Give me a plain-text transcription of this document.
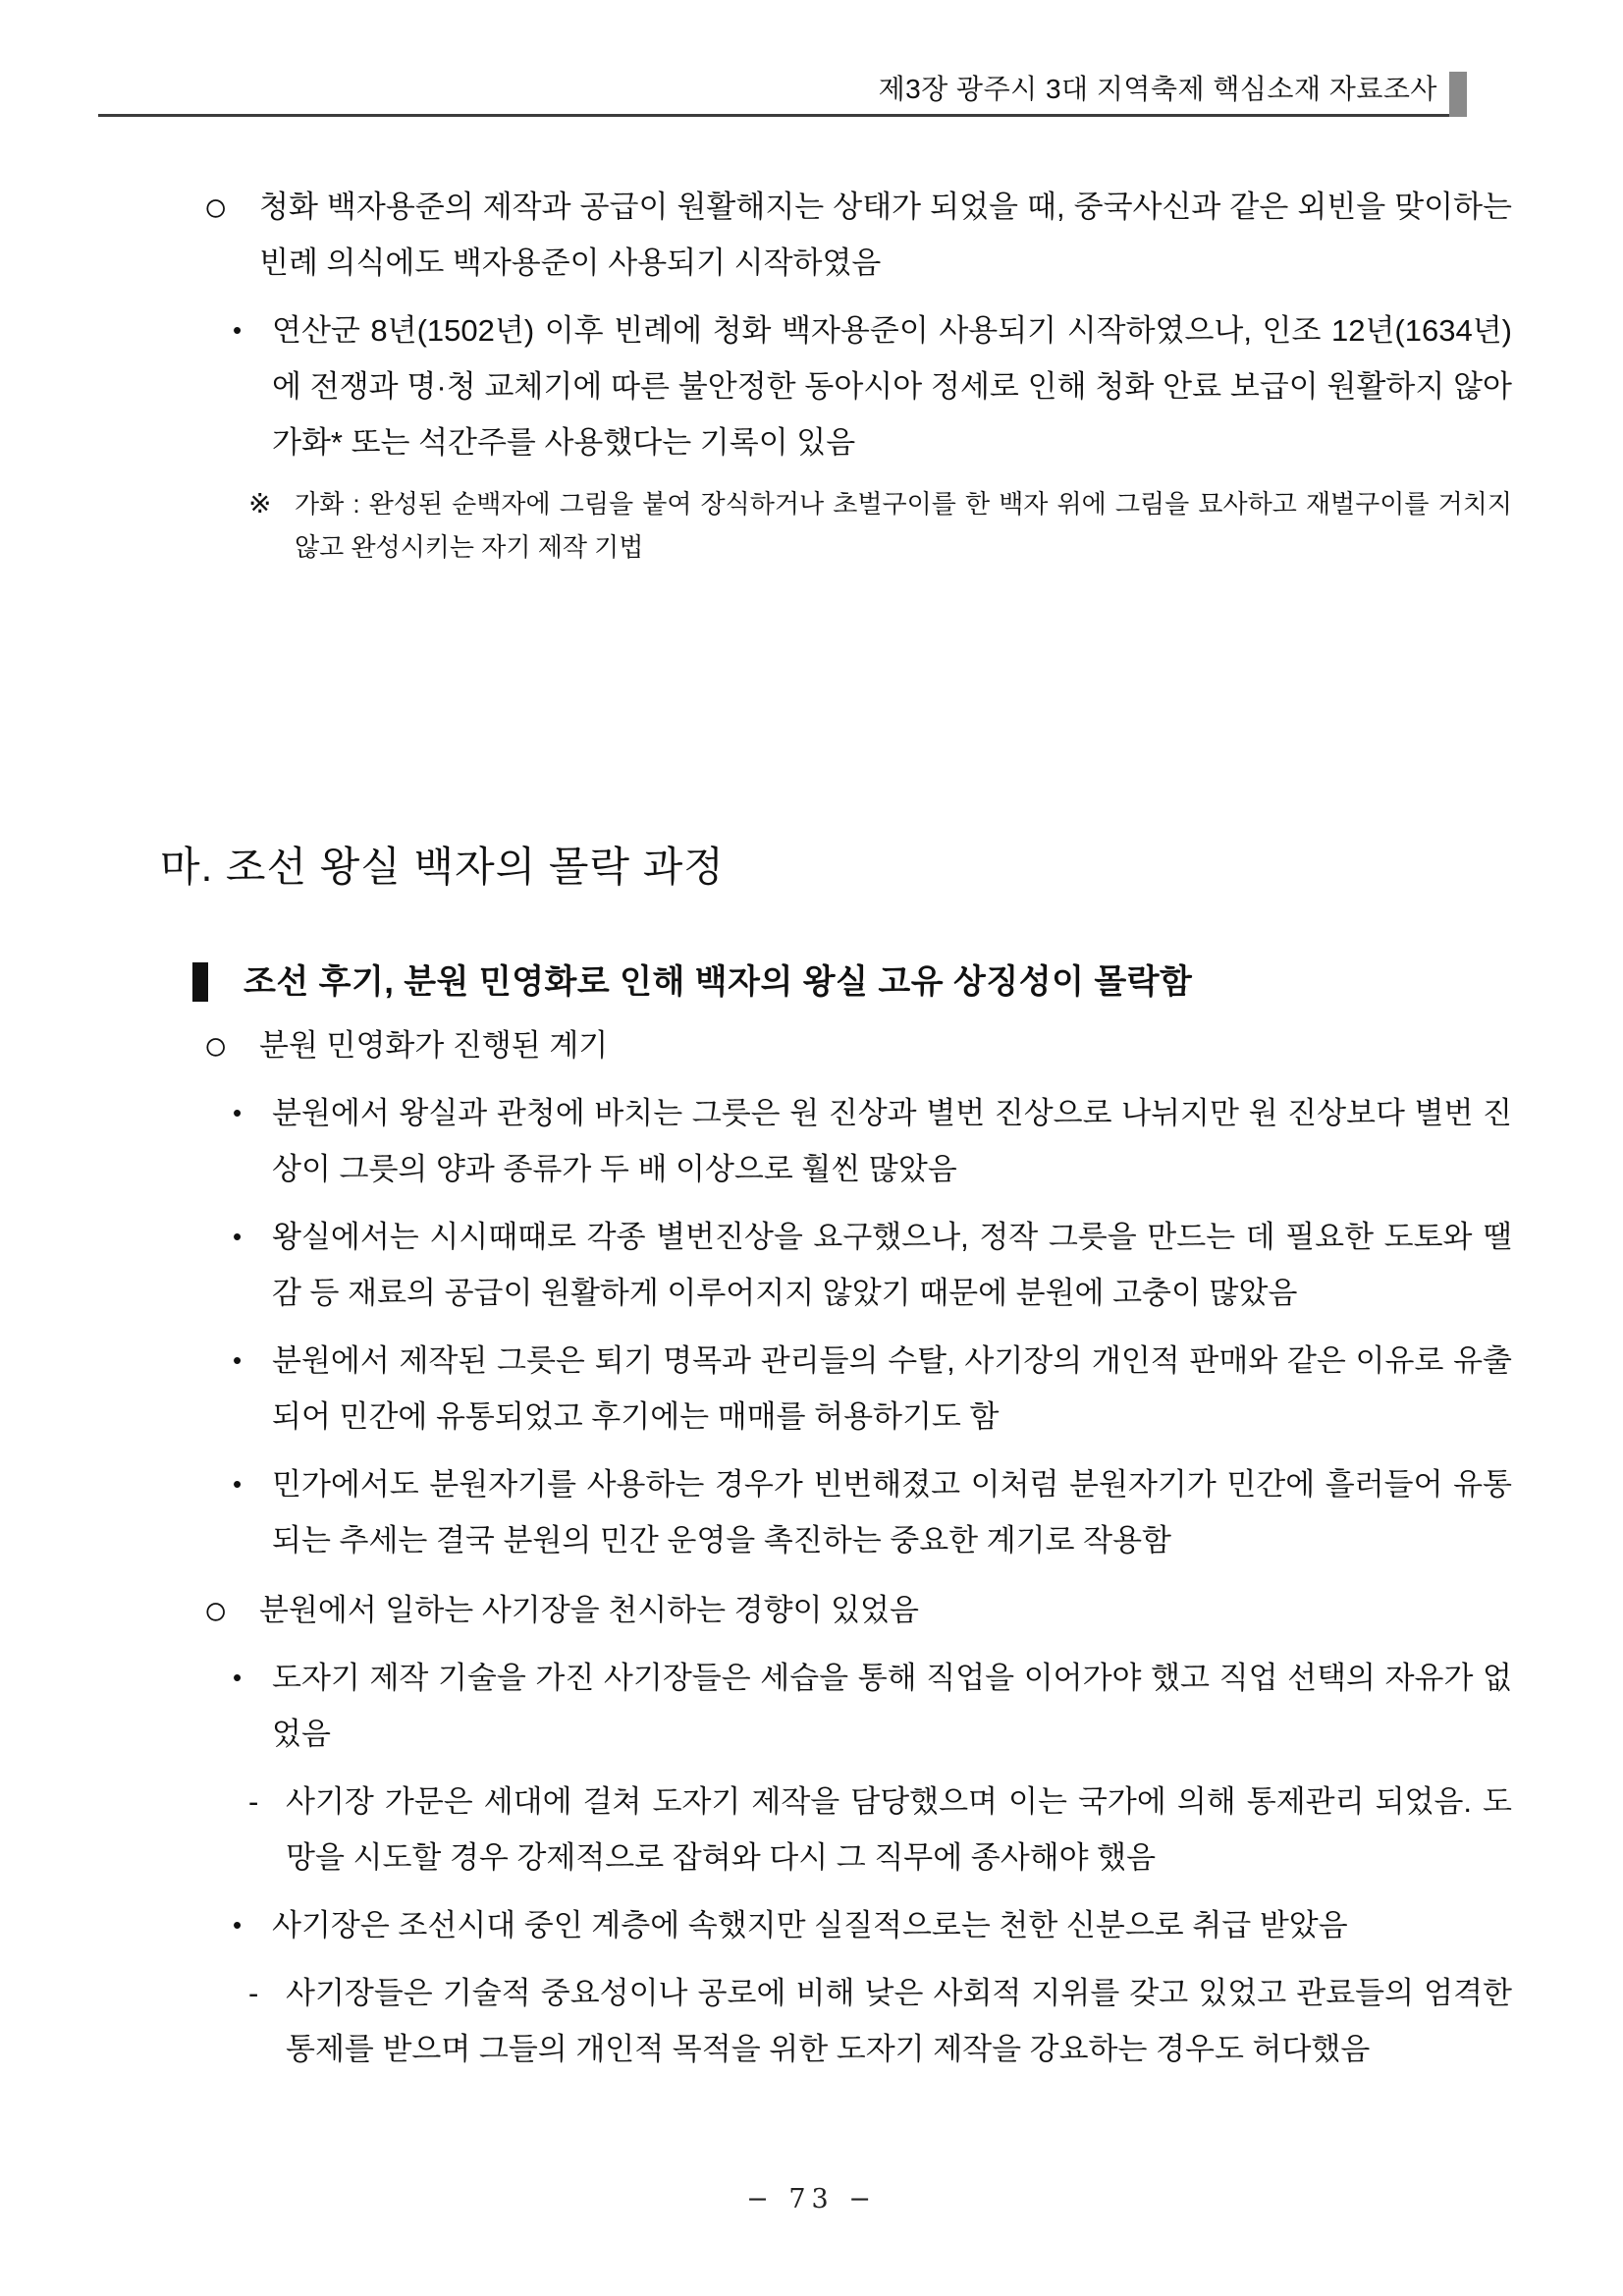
제3장 광주시 3대 지역축제 핵심소재 자료조사
○	청화 백자용준의 제작과 공급이 원활해지는 상태가 되었을 때, 중국사신과 같은 외빈을 맞이하는 빈례 의식에도 백자용준이 사용되기 시작하였음
• 연산군 8년(1502년) 이후 빈례에 청화 백자용준이 사용되기 시작하였으나, 인조 12년(1634년)에 전쟁과 명·청 교체기에 따른 불안정한 동아시아 정세로 인해 청화 안료 보급이 원활하지 않아 가화* 또는 석간주를 사용했다는 기록이 있음
※ 가화 : 완성된 순백자에 그림을 붙여 장식하거나 초벌구이를 한 백자 위에 그림을 묘사하고 재벌구이를 거치지 않고 완성시키는 자기 제작 기법
마. 조선 왕실 백자의 몰락 과정
조선 후기, 분원 민영화로 인해 백자의 왕실 고유 상징성이 몰락함
○	분원 민영화가 진행된 계기
• 분원에서 왕실과 관청에 바치는 그릇은 원 진상과 별번 진상으로 나뉘지만 원 진상보다 별번 진상이 그릇의 양과 종류가 두 배 이상으로 훨씬 많았음
• 왕실에서는 시시때때로 각종 별번진상을 요구했으나, 정작 그릇을 만드는 데 필요한 도토와 땔감 등 재료의 공급이 원활하게 이루어지지 않았기 때문에 분원에 고충이 많았음
• 분원에서 제작된 그릇은 퇴기 명목과 관리들의 수탈, 사기장의 개인적 판매와 같은 이유로 유출되어 민간에 유통되었고 후기에는 매매를 허용하기도 함
• 민가에서도 분원자기를 사용하는 경우가 빈번해졌고 이처럼 분원자기가 민간에 흘러들어 유통되는 추세는 결국 분원의 민간 운영을 촉진하는 중요한 계기로 작용함
○	분원에서 일하는 사기장을 천시하는 경향이 있었음
• 도자기 제작 기술을 가진 사기장들은 세습을 통해 직업을 이어가야 했고 직업 선택의 자유가 없었음
- 사기장 가문은 세대에 걸쳐 도자기 제작을 담당했으며 이는 국가에 의해 통제관리 되었음. 도망을 시도할 경우 강제적으로 잡혀와 다시 그 직무에 종사해야 했음
• 사기장은 조선시대 중인 계층에 속했지만 실질적으로는 천한 신분으로 취급 받았음
- 사기장들은 기술적 중요성이나 공로에 비해 낮은 사회적 지위를 갖고 있었고 관료들의 엄격한 통제를 받으며 그들의 개인적 목적을 위한 도자기 제작을 강요하는 경우도 허다했음
− 73 −
